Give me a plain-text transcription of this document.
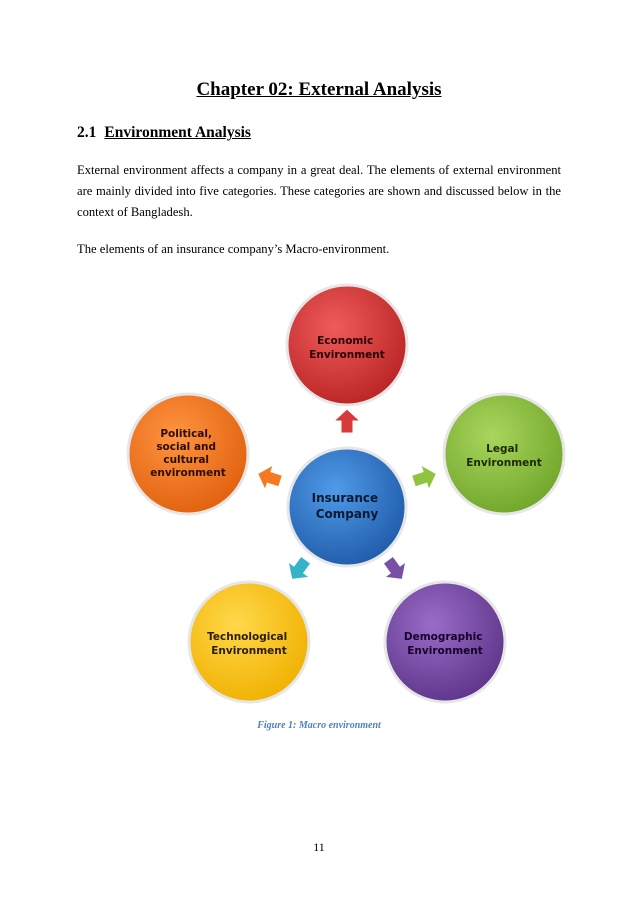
Chapter 02: External Analysis
2.1 Environment Analysis
External environment affects a company in a great deal. The elements of external environment are mainly divided into five categories. These categories are shown and discussed below in the context of Bangladesh.
The elements of an insurance company’s Macro-environment.
Economic Environment
Legal Environment
Demographic Environment
Technological Environment
Political, social and cultural environment
Insurance Company
Figure 1: Macro environment
11
